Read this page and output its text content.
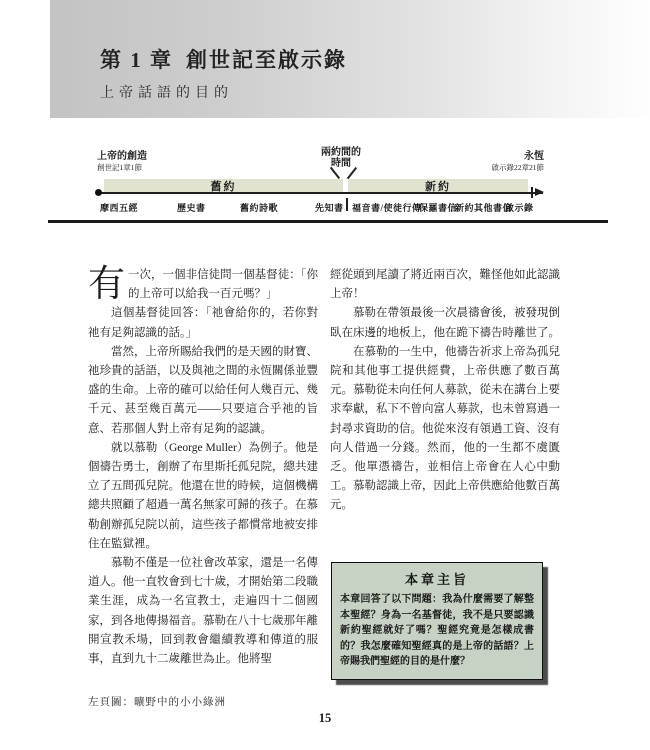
第 1 章 創世記至啟示錄
上帝話語的目的
上帝的創造
創世記1章1節
兩約間的
時間
永恆
啟示錄22章21節
舊約	新約
摩西五經	歷史書	舊約詩歌	先知書 福音書/使徒行傳
保羅書信
新約其他書信
啟示錄

有一次，一個非信徒問一個基督徒：「你的上帝可以給我一百元嗎？」

這個基督徒回答：「祂會給你的，若你對祂有足夠認識的話。」

當然，上帝所賜給我們的是天國的財寶、祂珍貴的話語，以及與祂之間的永恆關係並豐盛的生命。上帝的確可以給任何人幾百元、幾千元、甚至幾百萬元——只要這合乎祂的旨意、若那個人對上帝有足夠的認識。

就以慕勒（George Muller）為例子。他是個禱告勇士，創辦了布里斯托孤兒院，總共建立了五間孤兒院。他還在世的時候，這個機構總共照顧了超過一萬名無家可歸的孩子。在慕勒創辦孤兒院以前，這些孩子都慣常地被安排住在監獄裡。

慕勒不僅是一位社會改革家，還是一名傳道人。他一直牧會到七十歲，才開始第二段職業生涯，成為一名宣教士，走遍四十二個國家，到各地傳揚福音。慕勒在八十七歲那年離開宣教禾場，回到教會繼續教導和傳道的服事，直到九十二歲離世為止。他將聖

經從頭到尾讀了將近兩百次，難怪他如此認識上帝！

慕勒在帶領最後一次晨禱會後，被發現倒臥在床邊的地板上，他在跪下禱告時離世了。

在慕勒的一生中，他禱告祈求上帝為孤兒院和其他事工提供經費，上帝供應了數百萬元。慕勒從未向任何人募款，從未在講台上要求奉獻，私下不曾向富人募款，也未曾寫過一封尋求資助的信。他從來沒有領過工資、沒有向人借過一分錢。然而，他的一生都不虞匱乏。他單憑禱告，並相信上帝會在人心中動工。慕勒認識上帝，因此上帝供應給他數百萬元。

本章主旨
本章回答了以下問題：我為什麼需要了解整本聖經？身為一名基督徒，我不是只要認識新約聖經就好了嗎？聖經究竟是怎樣成書的？我怎麼確知聖經真的是上帝的話語？上帝賜我們聖經的目的是什麼？
左頁圖：曠野中的小小綠洲
15
